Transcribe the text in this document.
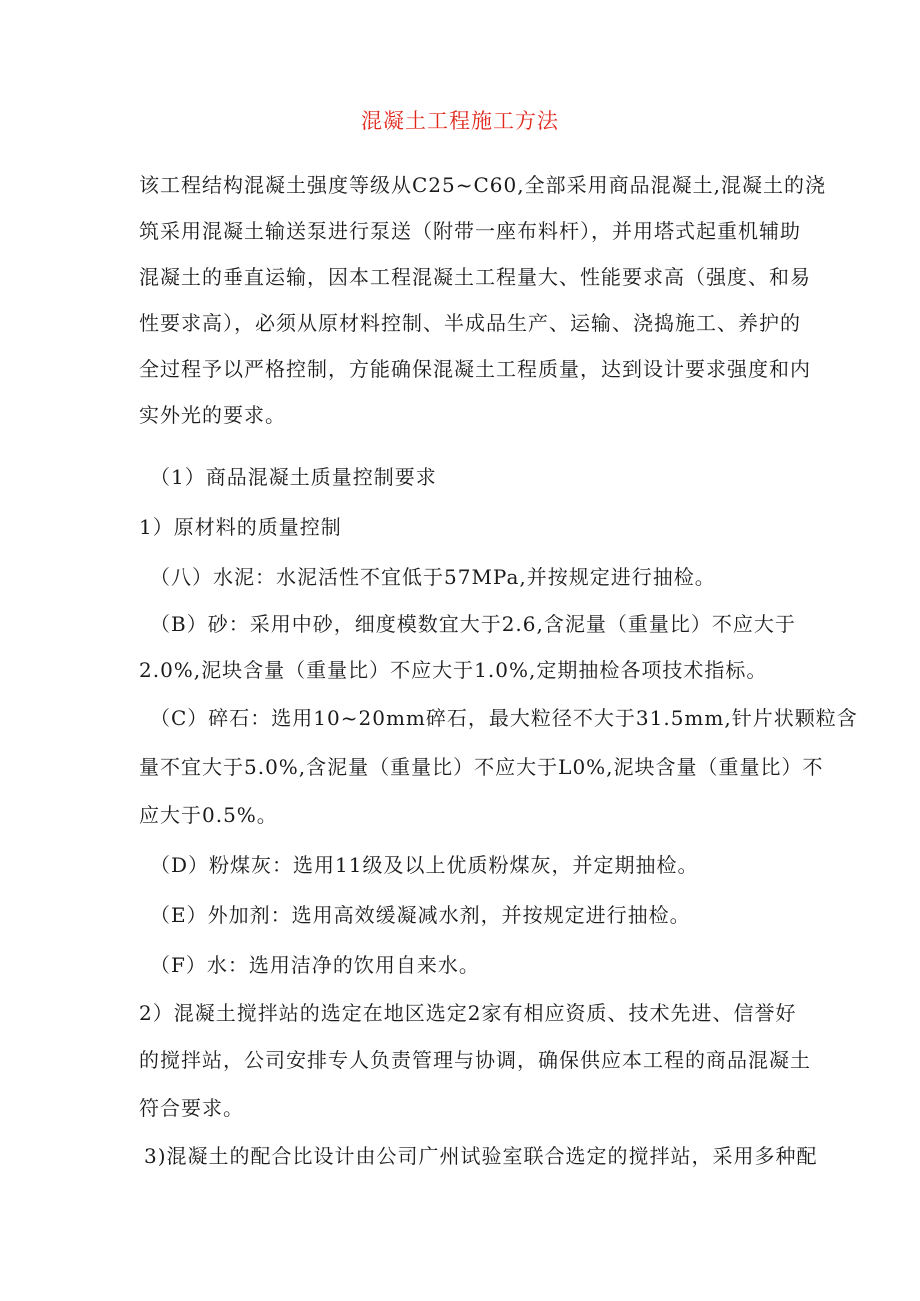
混凝土工程施工方法
该工程结构混凝土强度等级从C25~C60,全部采用商品混凝土,混凝土的浇
筑采用混凝土输送泵进行泵送（附带一座布料杆），并用塔式起重机辅助
混凝土的垂直运输，因本工程混凝土工程量大、性能要求高（强度、和易
性要求高），必须从原材料控制、半成品生产、运输、浇捣施工、养护的
全过程予以严格控制，方能确保混凝土工程质量，达到设计要求强度和内
实外光的要求。
（1）商品混凝土质量控制要求
1）原材料的质量控制
（八）水泥：水泥活性不宜低于57MPa,并按规定进行抽检。
（B）砂：采用中砂，细度模数宜大于2.6,含泥量（重量比）不应大于
2.0%,泥块含量（重量比）不应大于1.0%,定期抽检各项技术指标。
（C）碎石：选用10~20mm碎石，最大粒径不大于31.5mm,针片状颗粒含
量不宜大于5.0%,含泥量（重量比）不应大于L0%,泥块含量（重量比）不
应大于0.5%。
（D）粉煤灰：选用11级及以上优质粉煤灰，并定期抽检。
（E）外加剂：选用高效缓凝减水剂，并按规定进行抽检。
（F）水：选用洁净的饮用自来水。
2）混凝土搅拌站的选定在地区选定2家有相应资质、技术先进、信誉好
的搅拌站，公司安排专人负责管理与协调，确保供应本工程的商品混凝土
符合要求。
3)混凝土的配合比设计由公司广州试验室联合选定的搅拌站，采用多种配
